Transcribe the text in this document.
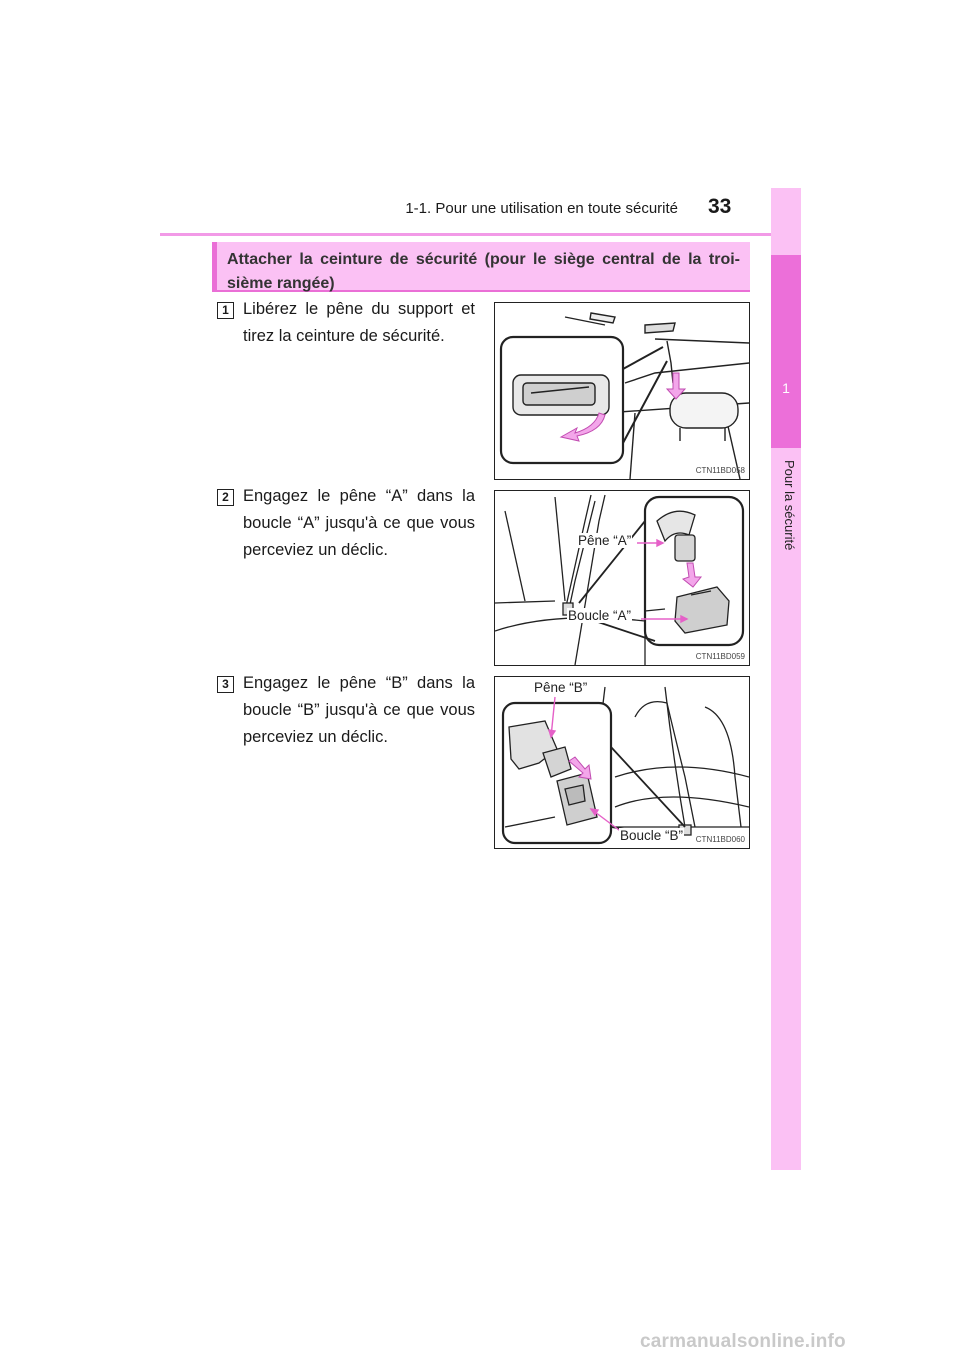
1-1. Pour une utilisation en toute sécurité 33
1
Pour la sécurité
Attacher la ceinture de sécurité (pour le siège central de la troi-sième rangée)
1 Libérez le pêne du support et tirez la ceinture de sécurité.
CTN11BD058
2 Engagez le pêne “A” dans la boucle “A” jusqu'à ce que vous perceviez un déclic.
Pêne “A”
Boucle “A”
CTN11BD059
3 Engagez le pêne “B” dans la boucle “B” jusqu'à ce que vous perceviez un déclic.
Pêne “B”
Boucle “B” CTN11BD060
carmanualsonline.info
